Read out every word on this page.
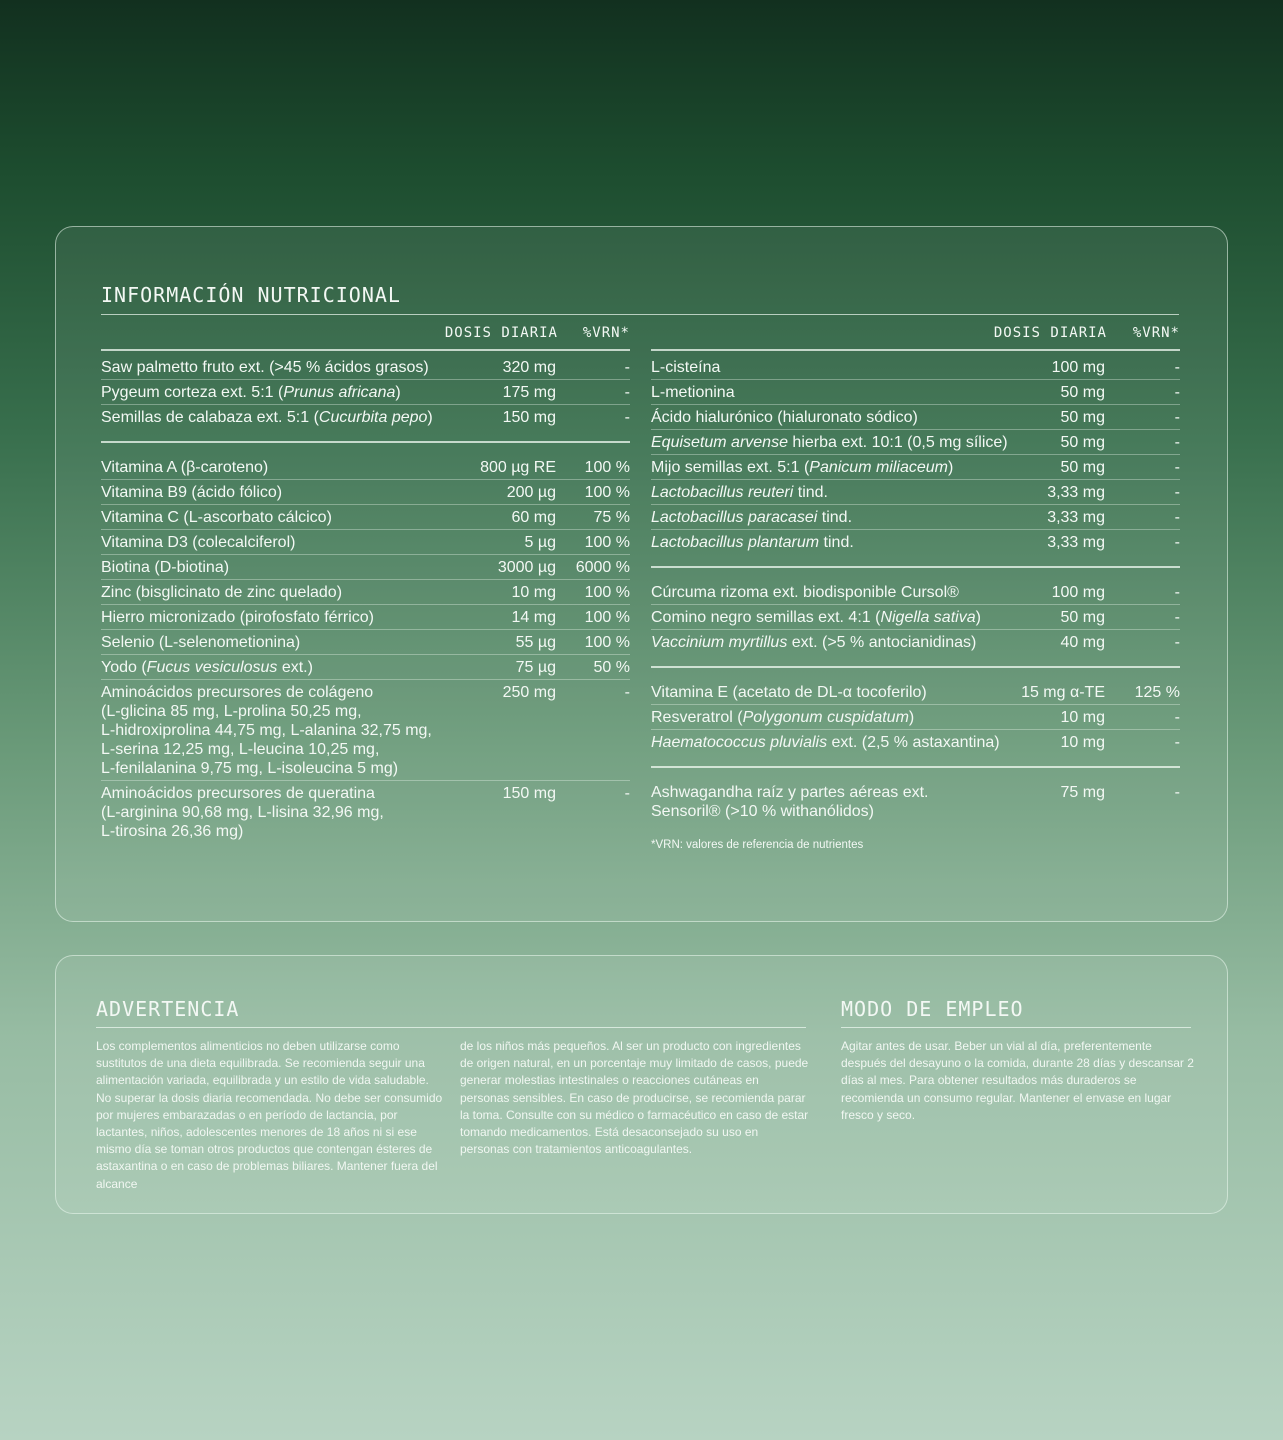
INFORMACIÓN NUTRICIONAL
DOSIS DIARIA %VRN*
Saw palmetto fruto ext. (>45 % ácidos grasos)	320 mg	-
Pygeum corteza ext. 5:1 (Prunus africana)	175 mg	-
Semillas de calabaza ext. 5:1 (Cucurbita pepo)	150 mg	-
Vitamina A (β-caroteno)	800 µg RE 100 %
Vitamina B9 (ácido fólico)	200 µg 100 %
Vitamina C (L-ascorbato cálcico)	60 mg 75 %
Vitamina D3 (colecalciferol)	5 µg 100 %
Biotina (D-biotina)	3000 µg 6000 %
Zinc (bisglicinato de zinc quelado)	10 mg 100 %
Hierro micronizado (pirofosfato férrico)	14 mg 100 %
Selenio (L-selenometionina)	55 µg 100 %
Yodo (Fucus vesiculosus ext.)	75 µg 50 %
Aminoácidos precursores de colágeno
(L-glicina 85 mg, L-prolina 50,25 mg,
L-hidroxiprolina 44,75 mg, L-alanina 32,75 mg,
L-serina 12,25 mg, L-leucina 10,25 mg,
L-fenilalanina 9,75 mg, L-isoleucina 5 mg)
250 mg	-
Aminoácidos precursores de queratina
(L-arginina 90,68 mg, L-lisina 32,96 mg,
L-tirosina 26,36 mg)
150 mg	-
DOSIS DIARIA %VRN*
L-cisteína	100 mg	-
L-metionina	50 mg	-
Ácido hialurónico (hialuronato sódico)	50 mg	-
Equisetum arvense hierba ext. 10:1 (0,5 mg sílice)	50 mg	-
Mijo semillas ext. 5:1 (Panicum miliaceum)	50 mg	-
Lactobacillus reuteri tind.	3,33 mg	-
Lactobacillus paracasei tind.	3,33 mg	-
Lactobacillus plantarum tind.	3,33 mg	-
Cúrcuma rizoma ext. biodisponible Cursol®	100 mg	-
Comino negro semillas ext. 4:1 (Nigella sativa)	50 mg	-
Vaccinium myrtillus ext. (>5 % antocianidinas)	40 mg	-
Vitamina E (acetato de DL-α tocoferilo)	15 mg α-TE 125 %
Resveratrol (Polygonum cuspidatum)	10 mg	-
Haematococcus pluvialis ext. (2,5 % astaxantina)	10 mg	-
Ashwagandha raíz y partes aéreas ext.
Sensoril® (>10 % withanólidos)
75 mg	-
*VRN: valores de referencia de nutrientes
ADVERTENCIA
Los complementos alimenticios no deben utilizarse como sustitutos de una dieta equilibrada. Se recomienda seguir una alimentación variada, equilibrada y un estilo de vida saludable. No superar la dosis diaria recomendada. No debe ser consumido por mujeres embarazadas o en período de lactancia, por lactantes, niños, adolescentes menores de 18 años ni si ese mismo día se toman otros productos que contengan ésteres de astaxantina o en caso de problemas biliares. Mantener fuera del alcance
de los niños más pequeños. Al ser un producto con ingredientes de origen natural, en un porcentaje muy limitado de casos, puede generar molestias intestinales o reacciones cutáneas en personas sensibles. En caso de producirse, se recomienda parar la toma. Consulte con su médico o farmacéutico en caso de estar tomando medicamentos. Está desaconsejado su uso en personas con tratamientos anticoagulantes.
MODO DE EMPLEO
Agitar antes de usar. Beber un vial al día, preferentemente después del desayuno o la comida, durante 28 días y descansar 2 días al mes. Para obtener resultados más duraderos se recomienda un consumo regular. Mantener el envase en lugar fresco y seco.
